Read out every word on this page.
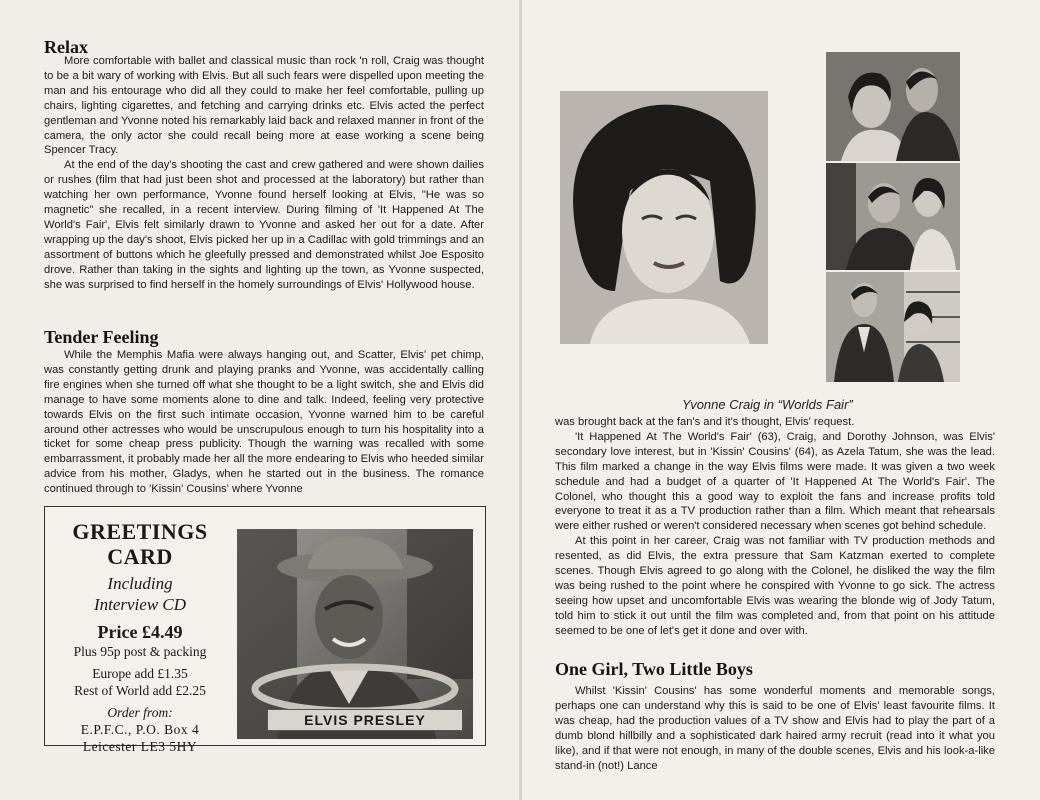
Relax

More comfortable with ballet and classical music than rock 'n roll, Craig was thought to be a bit wary of working with Elvis. But all such fears were dispelled upon meeting the man and his entourage who did all they could to make her feel comfortable, pulling up chairs, lighting cigarettes, and fetching and carrying drinks etc. Elvis acted the perfect gentleman and Yvonne noted his remarkably laid back and relaxed manner in front of the camera, the only actor she could recall being more at ease working a scene being Spencer Tracy.

At the end of the day's shooting the cast and crew gathered and were shown dailies or rushes (film that had just been shot and processed at the laboratory) but rather than watching her own performance, Yvonne found herself looking at Elvis, "He was so magnetic" she recalled, in a recent interview. During filming of 'It Happened At The World's Fair', Elvis felt similarly drawn to Yvonne and asked her out for a date. After wrapping up the day's shoot, Elvis picked her up in a Cadillac with gold trimmings and an assortment of buttons which he gleefully pressed and demonstrated whilst Joe Esposito drove. Rather than taking in the sights and lighting up the town, as Yvonne suspected, she was surprised to find herself in the homely surroundings of Elvis' Hollywood house.

Tender Feeling

While the Memphis Mafia were always hanging out, and Scatter, Elvis' pet chimp, was constantly getting drunk and playing pranks and Yvonne, was accidentally calling fire engines when she turned off what she thought to be a light switch, she and Elvis did manage to have some moments alone to dine and talk. Indeed, feeling very protective towards Elvis on the first such intimate occasion, Yvonne warned him to be careful around other actresses who would be unscrupulous enough to turn his hospitality into a ticket for some cheap press publicity. Though the warning was recalled with some embarrassment, it probably made her all the more endearing to Elvis who heeded similar advice from his mother, Gladys, when he started out in the business. The romance continued through to 'Kissin' Cousins' where Yvonne

GREETINGS
CARD
Including
Interview CD
Price £4.49
Plus 95p post & packing
Europe add £1.35
Rest of World add £2.25
Order from:
E.P.F.C., P.O. Box 4
Leicester LE3 5HY
ELVIS PRESLEY
Yvonne Craig in “Worlds Fair”

was brought back at the fan's and it's thought, Elvis' request.

'It Happened At The World's Fair' (63), Craig, and Dorothy Johnson, was Elvis' secondary love interest, but in 'Kissin' Cousins' (64), as Azela Tatum, she was the lead. This film marked a change in the way Elvis films were made. It was given a two week schedule and had a budget of a quarter of 'It Happened At The World's Fair'. The Colonel, who thought this a good way to exploit the fans and increase profits told everyone to treat it as a TV production rather than a film. Which meant that rehearsals were either rushed or weren't considered necessary when scenes got behind schedule.

At this point in her career, Craig was not familiar with TV production methods and resented, as did Elvis, the extra pressure that Sam Katzman exerted to complete scenes. Though Elvis agreed to go along with the Colonel, he disliked the way the film was being rushed to the point where he conspired with Yvonne to go sick. The actress seeing how upset and uncomfortable Elvis was wearing the blonde wig of Jody Tatum, told him to stick it out until the film was completed and, from that point on his attitude seemed to be one of let's get it done and over with.

One Girl, Two Little Boys

Whilst 'Kissin' Cousins' has some wonderful moments and memorable songs, perhaps one can understand why this is said to be one of Elvis' least favourite films. It was cheap, had the production values of a TV show and Elvis had to play the part of a dumb blond hillbilly and a sophisticated dark haired army recruit (read into it what you like), and if that were not enough, in many of the double scenes, Elvis and his look-a-like stand-in (not!) Lance
